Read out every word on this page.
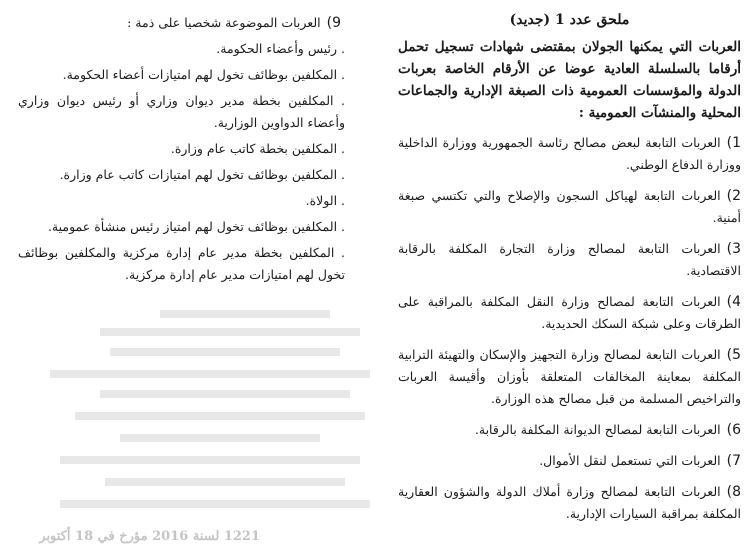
1221 لسنة 2016 مؤرخ في 18 أكتوبر
ملحق عدد 1 (جديد)
العربات التي يمكنها الجولان بمقتضى شهادات تسجيل تحمل أرقاما بالسلسلة العادية عوضا عن الأرقام الخاصة بعربات الدولة والمؤسسات العمومية ذات الصبغة الإدارية والجماعات المحلية والمنشآت العمومية :
1)العربات التابعة لبعض مصالح رئاسة الجمهورية ووزارة الداخلية ووزارة الدفاع الوطني.
2)العربات التابعة لهياكل السجون والإصلاح والتي تكتسي صبغة أمنية.
3)العربات التابعة لمصالح وزارة التجارة المكلفة بالرقابة الاقتصادية.
4)العربات التابعة لمصالح وزارة النقل المكلفة بالمراقبة على الطرقات وعلى شبكة السكك الحديدية.
5)العربات التابعة لمصالح وزارة التجهيز والإسكان والتهيئة الترابية المكلفة بمعاينة المخالفات المتعلقة بأوزان وأقيسة العربات والتراخيص المسلمة من قبل مصالح هذه الوزارة.
6)العربات التابعة لمصالح الديوانة المكلفة بالرقابة.
7)العربات التي تستعمل لنقل الأموال.
8)العربات التابعة لمصالح وزارة أملاك الدولة والشؤون العقارية المكلفة بمراقبة السيارات الإدارية.
9)العربات الموضوعة شخصيا على ذمة :
. رئيس وأعضاء الحكومة.
. المكلفين بوظائف تخول لهم امتيازات أعضاء الحكومة.
. المكلفين بخطة مدير ديوان وزاري أو رئيس ديوان وزاري وأعضاء الدواوين الوزارية.
. المكلفين بخطة كاتب عام وزارة.
. المكلفين بوظائف تخول لهم امتيازات كاتب عام وزارة.
. الولاة.
. المكلفين بوظائف تخول لهم امتياز رئيس منشأة عمومية.
. المكلفين بخطة مدير عام إدارة مركزية والمكلفين بوظائف تخول لهم امتيازات مدير عام إدارة مركزية.
